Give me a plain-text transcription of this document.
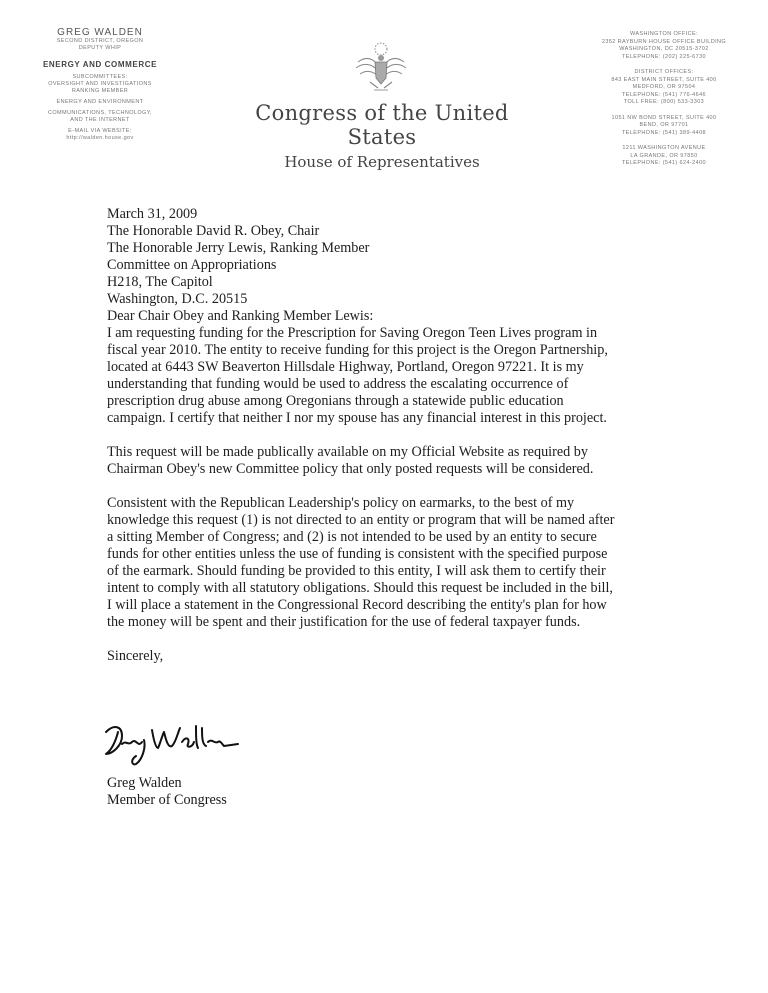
GREG WALDEN
SECOND DISTRICT, OREGON
DEPUTY WHIP
ENERGY AND COMMERCE
SUBCOMMITTEES:
OVERSIGHT AND INVESTIGATIONS
RANKING MEMBER
ENERGY AND ENVIRONMENT
COMMUNICATIONS, TECHNOLOGY,
AND THE INTERNET
E-MAIL VIA WEBSITE:
http://walden.house.gov
Congress of the United States
House of Representatives
WASHINGTON OFFICE:
2352 RAYBURN HOUSE OFFICE BUILDING
WASHINGTON, DC 20515-3702
TELEPHONE: (202) 225-6730
DISTRICT OFFICES:
843 EAST MAIN STREET, SUITE 400
MEDFORD, OR 97504
TELEPHONE: (541) 776-4646
TOLL FREE: (800) 533-3303
1051 NW BOND STREET, SUITE 400
BEND, OR 97701
TELEPHONE: (541) 389-4408
1211 WASHINGTON AVENUE
LA GRANDE, OR 97850
TELEPHONE: (541) 624-2400

March 31, 2009

The Honorable David R. Obey, Chair

The Honorable Jerry Lewis, Ranking Member

Committee on Appropriations

H218, The Capitol

Washington, D.C. 20515

Dear Chair Obey and Ranking Member Lewis:

I am requesting funding for the Prescription for Saving Oregon Teen Lives program in

fiscal year 2010. The entity to receive funding for this project is the Oregon Partnership,

located at 6443 SW Beaverton Hillsdale Highway, Portland, Oregon 97221. It is my

understanding that funding would be used to address the escalating occurrence of

prescription drug abuse among Oregonians through a statewide public education

campaign. I certify that neither I nor my spouse has any financial interest in this project.

This request will be made publically available on my Official Website as required by

Chairman Obey's new Committee policy that only posted requests will be considered.

Consistent with the Republican Leadership's policy on earmarks, to the best of my

knowledge this request (1) is not directed to an entity or program that will be named after

a sitting Member of Congress; and (2) is not intended to be used by an entity to secure

funds for other entities unless the use of funding is consistent with the specified purpose

of the earmark. Should funding be provided to this entity, I will ask them to certify their

intent to comply with all statutory obligations. Should this request be included in the bill,

I will place a statement in the Congressional Record describing the entity's plan for how

the money will be spent and their justification for the use of federal taxpayer funds.

Sincerely,

Greg Walden

Member of Congress
